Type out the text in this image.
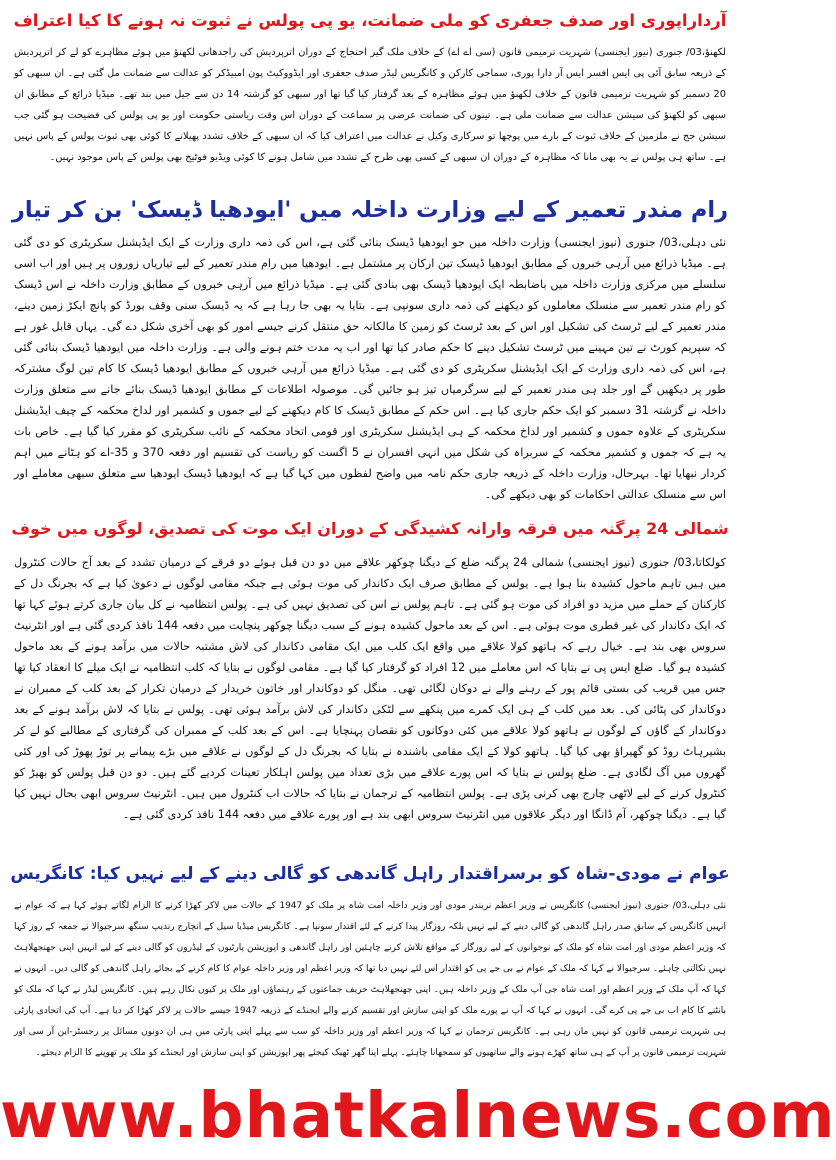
آرداراپوری اور صدف جعفری کو ملی ضمانت، یو پی پولس نے ثبوت نہ ہونے کا کیا اعتراف
لکھنؤ،03/ جنوری (نیوز ایجنسی) شہریت ترمیمی قانون (سی اے اے) کے خلاف ملک گیر احتجاج کے دوران اترپردیش کی راجدھانی لکھنؤ میں ہوئے مظاہرے کو لے کر اترپردیش کے ذریعہ سابق آئی پی ایس افسر ایس آر دارا پوری، سماجی کارکن و کانگریس لیڈر صدف جعفری اور ایڈووکیٹ پون امبیڈکر کو عدالت سے ضمانت مل گئی ہے۔ ان سبھی کو 20 دسمبر کو شہریت ترمیمی قانون کے خلاف لکھنؤ میں ہوئے مظاہرہ کے بعد گرفتار کیا گیا تھا اور سبھی کو گزشتہ 14 دن سے جیل میں بند تھے۔ میڈیا ذرائع کے مطابق ان سبھی کو لکھنؤ کی سیشن عدالت سے ضمانت ملی ہے۔ تینوں کی ضمانت عرضی پر سماعت کے دوران اس وقت ریاستی حکومت اور یو پی پولس کی فضیحت ہو گئی جب سیشن جج نے ملزمین کے خلاف ثبوت کے بارے میں پوچھا تو سرکاری وکیل نے عدالت میں اعتراف کیا کہ ان سبھی کے خلاف تشدد پھیلانے کا کوئی بھی ثبوت پولس کے پاس نہیں ہے۔ ساتھ ہی پولس نے یہ بھی مانا کہ مظاہرہ کے دوران ان سبھی کے کسی بھی طرح کے تشدد میں شامل ہونے کا کوئی ویڈیو فوٹیج بھی پولس کے پاس موجود نہیں۔
رام مندر تعمیر کے لیے وزارت داخلہ میں 'ایودھیا ڈیسک' بن کر تیار
نئی دہلی،03/ جنوری (نیوز ایجنسی) وزارت داخلہ میں جو ایودھیا ڈیسک بنائی گئی ہے، اس کی ذمہ داری وزارت کے ایک ایڈیشنل سکریٹری کو دی گئی ہے۔ میڈیا ذرائع میں آرہی خبروں کے مطابق ایودھیا ڈیسک تین ارکان پر مشتمل ہے۔ ایودھیا میں رام مندر تعمیر کے لیے تیاریاں زوروں پر ہیں اور اب اسی سلسلے میں مرکزی وزارت داخلہ میں باضابطہ ایک ایودھیا ڈیسک بھی بنادی گئی ہے۔ میڈیا ذرائع میں آرہی خبروں کے مطابق وزارت داخلہ نے اس ڈیسک کو رام مندر تعمیر سے منسلک معاملوں کو دیکھنے کی ذمہ داری سونپی ہے۔ بتایا یہ بھی جا رہا ہے کہ یہ ڈیسک سنی وقف بورڈ کو پانچ ایکڑ زمین دینے، مندر تعمیر کے لیے ٹرسٹ کی تشکیل اور اس کے بعد ٹرسٹ کو زمین کا مالکانہ حق منتقل کرنے جیسے امور کو بھی آخری شکل دے گی۔ یہاں قابل غور ہے کہ سپریم کورٹ نے تین مہینے میں ٹرسٹ تشکیل دینے کا حکم صادر کیا تھا اور اب یہ مدت ختم ہونے والی ہے۔ وزارت داخلہ میں ایودھیا ڈیسک بنائی گئی ہے، اس کی ذمہ داری وزارت کے ایک ایڈیشنل سکریٹری کو دی گئی ہے۔ میڈیا ذرائع میں آرہی خبروں کے مطابق ایودھیا ڈیسک کا کام تین لوگ مشترکہ طور پر دیکھیں گے اور جلد ہی مندر تعمیر کے لیے سرگرمیاں تیز ہو جائیں گی۔ موصولہ اطلاعات کے مطابق ایودھیا ڈیسک بنائے جانے سے متعلق وزارت داخلہ نے گزشتہ 31 دسمبر کو ایک حکم جاری کیا ہے۔ اس حکم کے مطابق ڈیسک کا کام دیکھنے کے لیے جموں و کشمیر اور لداخ محکمہ کے چیف ایڈیشنل سکریٹری کے علاوہ جموں و کشمیر اور لداخ محکمہ کے ہی ایڈیشنل سکریٹری اور قومی اتحاد محکمہ کے نائب سکریٹری کو مقرر کیا گیا ہے۔ خاص بات یہ ہے کہ جموں و کشمیر محکمہ کے سربراہ کی شکل میں انہی افسران نے 5 اگست کو ریاست کی تقسیم اور دفعہ 370 و 35-اے کو ہٹانے میں اہم کردار نبھایا تھا۔ بہرحال، وزارت داخلہ کے ذریعہ جاری حکم نامہ میں واضح لفظوں میں کہا گیا ہے کہ ایودھیا ڈیسک ایودھیا سے متعلق سبھی معاملے اور اس سے منسلک عدالتی احکامات کو بھی دیکھے گی۔
شمالی 24 پرگنہ میں فرقہ وارانہ کشیدگی کے دوران ایک موت کی تصدیق، لوگوں میں خوف
کولکاتا،03/ جنوری (نیوز ایجنسی) شمالی 24 پرگنہ ضلع کے دیگنا چوکھر علاقے میں دو دن قبل ہوئے دو فرقے کے درمیان تشدد کے بعد آج حالات کنٹرول میں ہیں تاہم ماحول کشیدہ بنا ہوا ہے۔ یولس کے مطابق صرف ایک دکاندار کی موت ہوئی ہے جبکہ مقامی لوگوں نے دعویٰ کیا ہے کہ بجرنگ دل کے کارکنان کے حملے میں مزید دو افراد کی موت ہو گئی ہے۔ تاہم پولس نے اس کی تصدیق نہیں کی ہے۔ پولس انتظامیہ نے کل بیان جاری کرتے ہوئے کہا تھا کہ ایک دکاندار کی غیر فطری موت ہوئی ہے۔ اس کے بعد ماحول کشیدہ ہونے کے سبب دیگنا چوکھر پنچایت میں دفعہ 144 نافذ کردی گئی ہے اور انٹرنیٹ سروس بھی بند ہے۔ خیال رہے کہ ہاتھو کولا علاقے میں واقع ایک کلب میں ایک مقامی دکاندار کی لاش مشتبہ حالات میں برآمد ہونے کے بعد ماحول کشیدہ ہو گیا۔ ضلع ایس پی نے بتایا کہ اس معاملے میں 12 افراد کو گرفتار کیا گیا ہے۔ مقامی لوگوں نے بتایا کہ کلب انتظامیہ نے ایک میلے کا انعقاد کیا تھا جس میں قریب کی بستی قائم پور کے رہنے والے نے دوکان لگائی تھی۔ منگل کو دوکاندار اور خاتون خریدار کے درمیان تکرار کے بعد کلب کے ممبران نے دوکاندار کی پٹائی کی۔ بعد میں کلب کے ہی ایک کمرے میں پنکھے سے لٹکی دکاندار کی لاش برآمد ہوئی تھی۔ پولس نے بتایا کہ لاش برآمد ہونے کے بعد دوکاندار کے گاؤں کے لوگوں نے ہاتھو کولا علاقے میں کئی دوکانوں کو نقصان پہنچایا ہے۔ اس کے بعد کلب کے ممبران کی گرفتاری کے مطالبے کو لے کر بشیرہاٹ روڈ کو گھیراؤ بھی کیا گیا۔ ہاتھو کولا کے ایک مقامی باشندہ نے بتایا کہ بجرنگ دل کے لوگوں نے علاقے میں بڑے پیمانے پر توڑ پھوڑ کی اور کئی گھروں میں آگ لگادی ہے۔ ضلع پولس نے بتایا کہ اس پورے علاقے میں بڑی تعداد میں پولس اہلکار تعینات کردیے گئے ہیں۔ دو دن قبل پولس کو بھیڑ کو کنٹرول کرنے کے لیے لاٹھی چارج بھی کرنی پڑی ہے۔ پولس انتظامیہ کے ترجمان نے بتایا کہ حالات اب کنٹرول میں ہیں۔ انٹرنیٹ سروس ابھی بحال نہیں کیا گیا ہے۔ دیگنا چوکھر، آم ڈانگا اور دیگر علاقوں میں انٹرنیٹ سروس ابھی بند ہے اور پورے علاقے میں دفعہ 144 نافذ کردی گئی ہے۔
عوام نے مودی-شاہ کو برسراقتدار راہل گاندھی کو گالی دینے کے لیے نہیں کیا: کانگریس
نئی دہلی،03/ جنوری (نیوز ایجنسی) کانگریس نے وزیر اعظم نریندر مودی اور وزیر داخلہ امت شاہ پر ملک کو 1947 کے حالات میں لاکر کھڑا کرنے کا الزام لگاتے ہوئے کہا ہے کہ عوام نے انہیں کانگریس کے سابق صدر راہل گاندھی کو گالی دینے کے لیے نہیں بلکہ روزگار پیدا کرنے کے لئے اقتدار سونپا ہے۔ کانگریس میڈیا سیل کے انچارج رندیپ سنگھ سرجیوالا نے جمعہ کے روز کہا کہ وزیر اعظم مودی اور امت شاہ کو ملک کے نوجوانوں کے لیے روزگار کے مواقع تلاش کرنے چاہئیں اور راہل گاندھی و اپوزیشن پارٹیوں کے لیڈروں کو گالی دینے کے لیے انہیں اپنی جھنجھلاہٹ نہیں نکالنی چاہئے۔ سرجیوالا نے کہا کہ ملک کے عوام نے بی جے پی کو اقتدار اس لئے نہیں دیا تھا کہ وزیر اعظم اور وزیر داخلہ عوام کا کام کرنے کے بجائے راہل گاندھی کو گالی دیں۔ انہوں نے کہا کہ آپ ملک کے وزیر اعظم اور امت شاہ جی آپ ملک کے وزیر داخلہ ہیں۔ اپنی جھنجھلاہٹ حریف جماعتوں کے رہنماؤں اور ملک پر کیوں نکال رہے ہیں۔ کانگریس لیڈر نے کہا کہ ملک کو بانٹنے کا کام اب بی جے پی کرے گی۔ انہوں نے کہا کہ آپ نے پورے ملک کو اپنی سازش اور تقسیم کرنے والے ایجنڈے کے ذریعہ 1947 جیسے حالات پر لاکر کھڑا کر دیا ہے۔ آپ کی اتحادی پارٹی ہی شہریت ترمیمی قانون کو نہیں مان رہی ہے۔ کانگریس ترجمان نے کہا کہ وزیر اعظم اور وزیر داخلہ کو سب سے پہلے اپنی پارٹی میں ہی ان دونوں مسائل پر رجسٹر-این آر سی اور شہریت ترمیمی قانون پر آپ کے ہی ساتھ کھڑے ہونے والے ساتھیوں کو سمجھانا چاہئے۔ پہلے اپنا گھر ٹھیک کیجئے پھر اپوزیشن کو اپنی سازش اور ایجنڈے کو ملک پر تھوپنے کا الزام دیجئے۔
www.bhatkalnews.com
